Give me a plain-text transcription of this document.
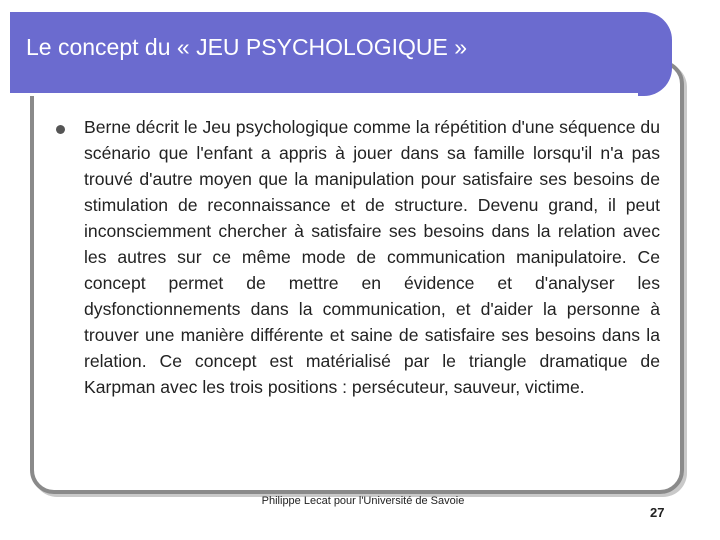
Le concept du « JEU PSYCHOLOGIQUE »

Berne décrit le Jeu psychologique comme la répétition d'une séquence du scénario que l'enfant a appris à jouer dans sa famille lorsqu'il n'a pas trouvé d'autre moyen que la manipulation pour satisfaire ses besoins de stimulation de reconnaissance et de structure. Devenu grand, il peut inconsciemment chercher à satisfaire ses besoins dans la relation avec les autres sur ce même mode de communication manipulatoire. Ce concept permet de mettre en évidence et d'analyser les dysfonctionnements dans la communication, et d'aider la personne à trouver une manière différente et saine de satisfaire ses besoins dans la relation. Ce concept est matérialisé par le triangle dramatique de Karpman avec les trois positions : persécuteur, sauveur, victime.

Philippe Lecat pour l'Université de Savoie
27
